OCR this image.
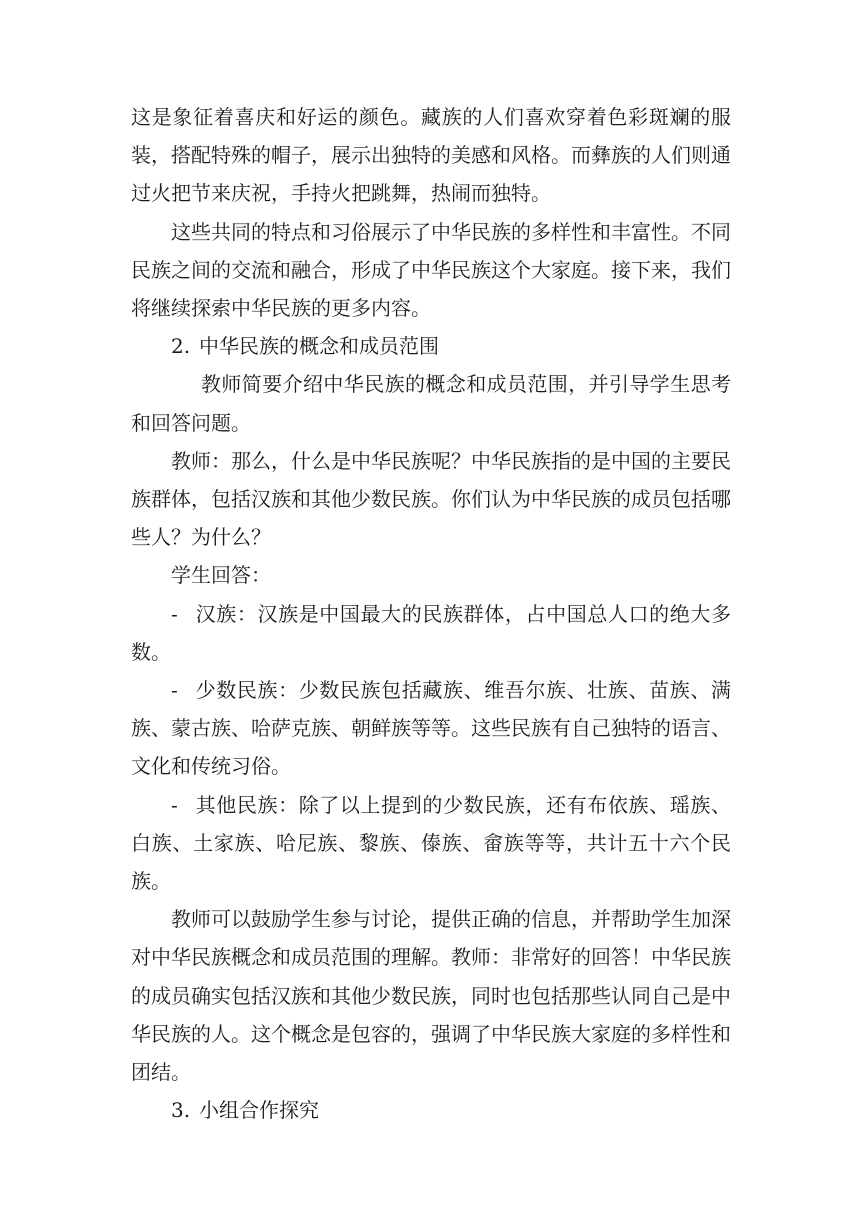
这是象征着喜庆和好运的颜色。藏族的人们喜欢穿着色彩斑斓的服装，搭配特殊的帽子，展示出独特的美感和风格。而彝族的人们则通过火把节来庆祝，手持火把跳舞，热闹而独特。

这些共同的特点和习俗展示了中华民族的多样性和丰富性。不同民族之间的交流和融合，形成了中华民族这个大家庭。接下来，我们将继续探索中华民族的更多内容。

2. 中华民族的概念和成员范围

教师简要介绍中华民族的概念和成员范围，并引导学生思考和回答问题。

教师：那么，什么是中华民族呢？中华民族指的是中国的主要民族群体，包括汉族和其他少数民族。你们认为中华民族的成员包括哪些人？为什么？

学生回答：

- 汉族：汉族是中国最大的民族群体，占中国总人口的绝大多数。

- 少数民族：少数民族包括藏族、维吾尔族、壮族、苗族、满族、蒙古族、哈萨克族、朝鲜族等等。这些民族有自己独特的语言、文化和传统习俗。

- 其他民族：除了以上提到的少数民族，还有布依族、瑶族、白族、土家族、哈尼族、黎族、傣族、畲族等等，共计五十六个民族。

教师可以鼓励学生参与讨论，提供正确的信息，并帮助学生加深对中华民族概念和成员范围的理解。教师：非常好的回答！中华民族的成员确实包括汉族和其他少数民族，同时也包括那些认同自己是中华民族的人。这个概念是包容的，强调了中华民族大家庭的多样性和团结。

3. 小组合作探究
